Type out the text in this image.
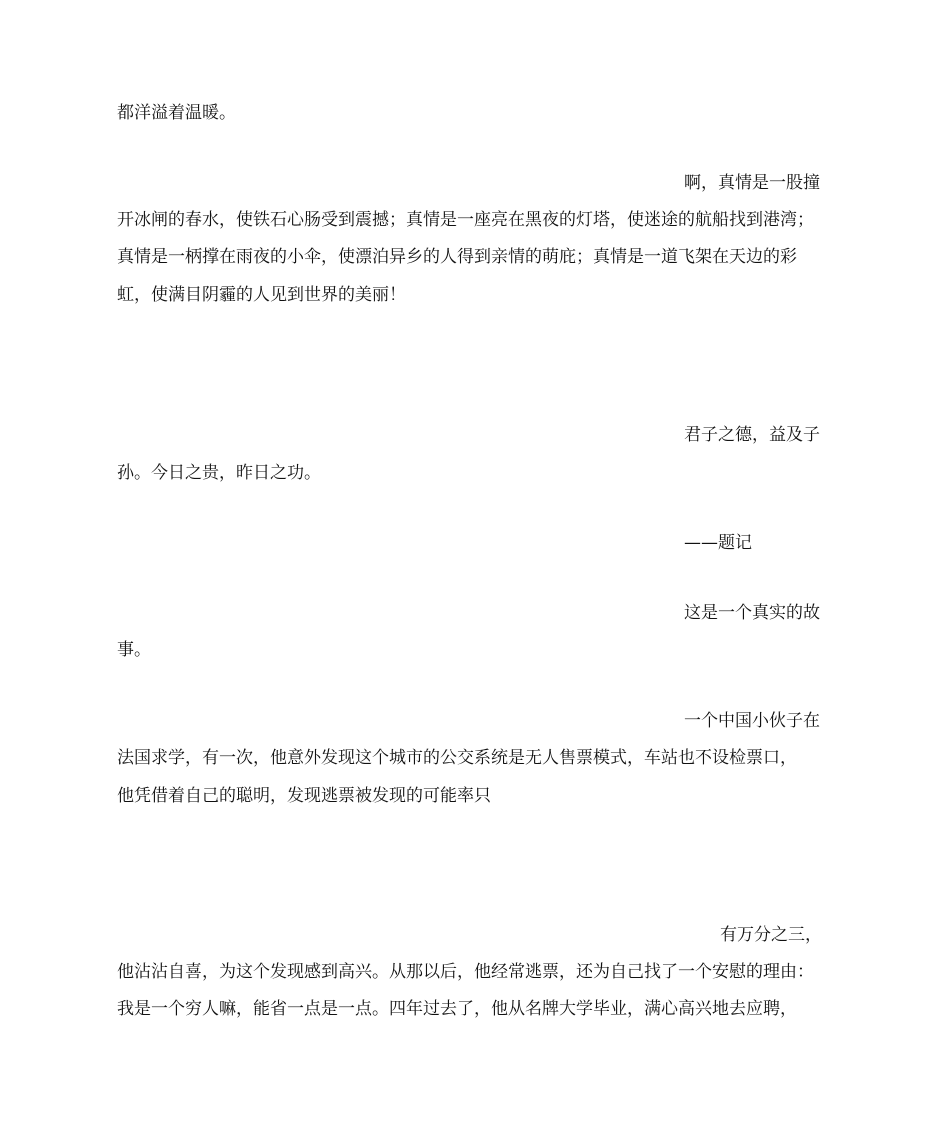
都洋溢着温暖。
啊，真情是一股撞
开冰闸的春水，使铁石心肠受到震撼；真情是一座亮在黑夜的灯塔，使迷途的航船找到港湾；
真情是一柄撑在雨夜的小伞，使漂泊异乡的人得到亲情的萌庇；真情是一道飞架在天边的彩
虹，使满目阴霾的人见到世界的美丽！
君子之德，益及子
孙。今日之贵，昨日之功。
——题记
这是一个真实的故
事。
一个中国小伙子在
法国求学，有一次，他意外发现这个城市的公交系统是无人售票模式，车站也不设检票口，
他凭借着自己的聪明，发现逃票被发现的可能率只
有万分之三，
他沾沾自喜，为这个发现感到高兴。从那以后，他经常逃票，还为自己找了一个安慰的理由：
我是一个穷人嘛，能省一点是一点。四年过去了，他从名牌大学毕业，满心高兴地去应聘，
